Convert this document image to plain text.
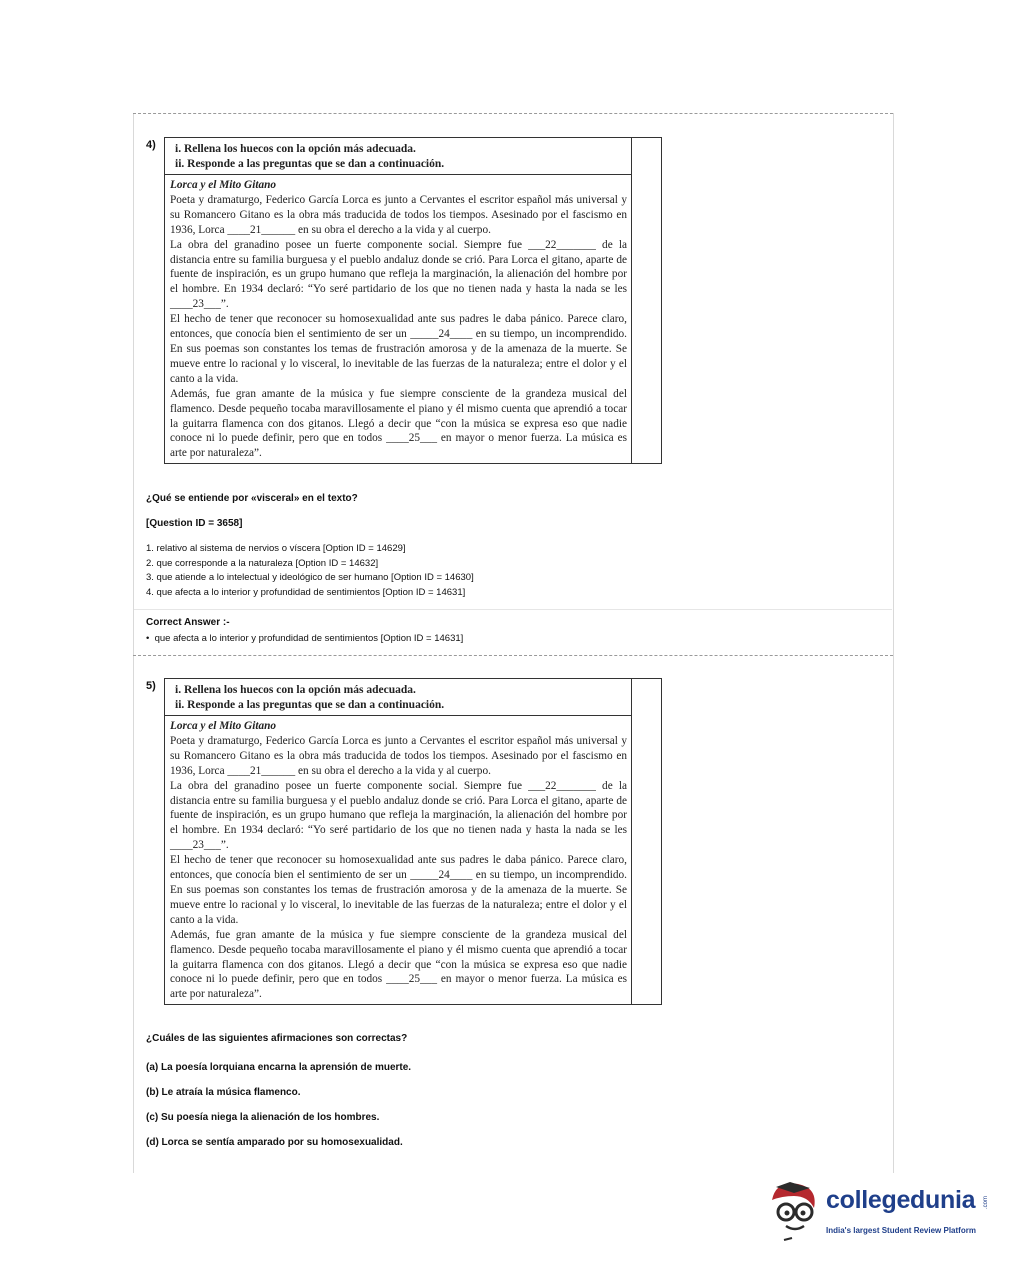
4) i. Rellena los huecos con la opción más adecuada.
ii. Responde a las preguntas que se dan a continuación.

Lorca y el Mito Gitano

Poeta y dramaturgo, Federico García Lorca es junto a Cervantes el escritor español más universal y su Romancero Gitano es la obra más traducida de todos los tiempos. Asesinado por el fascismo en 1936, Lorca ____21______ en su obra el derecho a la vida y al cuerpo.

La obra del granadino posee un fuerte componente social. Siempre fue ___22_______ de la distancia entre su familia burguesa y el pueblo andaluz donde se crió. Para Lorca el gitano, aparte de fuente de inspiración, es un grupo humano que refleja la marginación, la alienación del hombre por el hombre. En 1934 declaró: “Yo seré partidario de los que no tienen nada y hasta la nada se les ____23___”.

El hecho de tener que reconocer su homosexualidad ante sus padres le daba pánico. Parece claro, entonces, que conocía bien el sentimiento de ser un _____24____ en su tiempo, un incomprendido. En sus poemas son constantes los temas de frustración amorosa y de la amenaza de la muerte. Se mueve entre lo racional y lo visceral, lo inevitable de las fuerzas de la naturaleza; entre el dolor y el canto a la vida.

Además, fue gran amante de la música y fue siempre consciente de la grandeza musical del flamenco. Desde pequeño tocaba maravillosamente el piano y él mismo cuenta que aprendió a tocar la guitarra flamenca con dos gitanos. Llegó a decir que “con la música se expresa eso que nadie conoce ni lo puede definir, pero que en todos ____25___ en mayor o menor fuerza. La música es arte por naturaleza”.

¿Qué se entiende por «visceral» en el texto?
[Question ID = 3658]
1. relativo al sistema de nervios o víscera [Option ID = 14629]
2. que corresponde a la naturaleza [Option ID = 14632]
3. que atiende a lo intelectual y ideológico de ser humano [Option ID = 14630]
4. que afecta a lo interior y profundidad de sentimientos [Option ID = 14631]
Correct Answer :-
•  que afecta a lo interior y profundidad de sentimientos [Option ID = 14631]
5) i. Rellena los huecos con la opción más adecuada.
ii. Responde a las preguntas que se dan a continuación.

Lorca y el Mito Gitano

Poeta y dramaturgo, Federico García Lorca es junto a Cervantes el escritor español más universal y su Romancero Gitano es la obra más traducida de todos los tiempos. Asesinado por el fascismo en 1936, Lorca ____21______ en su obra el derecho a la vida y al cuerpo.

La obra del granadino posee un fuerte componente social. Siempre fue ___22_______ de la distancia entre su familia burguesa y el pueblo andaluz donde se crió. Para Lorca el gitano, aparte de fuente de inspiración, es un grupo humano que refleja la marginación, la alienación del hombre por el hombre. En 1934 declaró: “Yo seré partidario de los que no tienen nada y hasta la nada se les ____23___”.

El hecho de tener que reconocer su homosexualidad ante sus padres le daba pánico. Parece claro, entonces, que conocía bien el sentimiento de ser un _____24____ en su tiempo, un incomprendido. En sus poemas son constantes los temas de frustración amorosa y de la amenaza de la muerte. Se mueve entre lo racional y lo visceral, lo inevitable de las fuerzas de la naturaleza; entre el dolor y el canto a la vida.

Además, fue gran amante de la música y fue siempre consciente de la grandeza musical del flamenco. Desde pequeño tocaba maravillosamente el piano y él mismo cuenta que aprendió a tocar la guitarra flamenca con dos gitanos. Llegó a decir que “con la música se expresa eso que nadie conoce ni lo puede definir, pero que en todos ____25___ en mayor o menor fuerza. La música es arte por naturaleza”.

¿Cuáles de las siguientes afirmaciones son correctas?
(a) La poesía lorquiana encarna la aprensión de muerte.
(b) Le atraía la música flamenco.
(c) Su poesía niega la alienación de los hombres.
(d) Lorca se sentía amparado por su homosexualidad.
collegedunia .com
India's largest Student Review Platform
